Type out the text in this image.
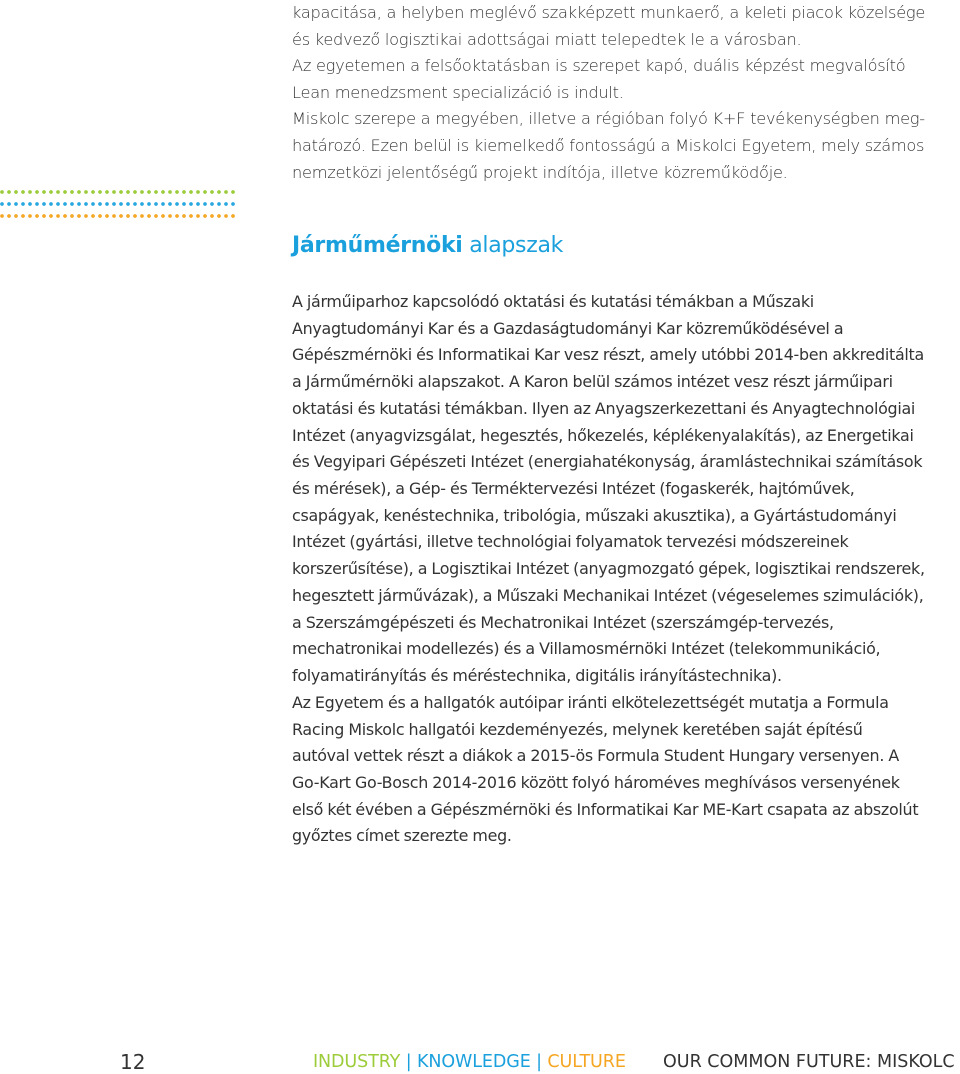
kapacitása, a helyben meglévő szakképzett munkaerő, a keleti piacok közelsége

és kedvező logisztikai adottságai miatt telepedtek le a városban.

Az egyetemen a felsőoktatásban is szerepet kapó, duális képzést megvalósító

Lean menedzsment specializáció is indult.

Miskolc szerepe a megyében, illetve a régióban folyó K+F tevékenységben meg-

határozó. Ezen belül is kiemelkedő fontosságú a Miskolci Egyetem, mely számos

nemzetközi jelentőségű projekt indítója, illetve közreműködője.

Járműmérnöki alapszak

A járműiparhoz kapcsolódó oktatási és kutatási témákban a Műszaki

Anyagtudományi Kar és a Gazdaságtudományi Kar közreműködésével a

Gépészmérnöki és Informatikai Kar vesz részt, amely utóbbi 2014-ben akkreditálta

a Járműmérnöki alapszakot. A Karon belül számos intézet vesz részt járműipari

oktatási és kutatási témákban. Ilyen az Anyagszerkezettani és Anyagtechnológiai

Intézet (anyagvizsgálat, hegesztés, hőkezelés, képlékenyalakítás), az Energetikai

és Vegyipari Gépészeti Intézet (energiahatékonyság, áramlástechnikai számítások

és mérések), a Gép- és Terméktervezési Intézet (fogaskerék, hajtóművek,

csapágyak, kenéstechnika, tribológia, műszaki akusztika), a Gyártástudományi

Intézet (gyártási, illetve technológiai folyamatok tervezési módszereinek

korszerűsítése), a Logisztikai Intézet (anyagmozgató gépek, logisztikai rendszerek,

hegesztett járművázak), a Műszaki Mechanikai Intézet (végeselemes szimulációk),

a Szerszámgépészeti és Mechatronikai Intézet (szerszámgép-tervezés,

mechatronikai modellezés) és a Villamosmérnöki Intézet (telekommunikáció,

folyamatirányítás és méréstechnika, digitális irányítástechnika).

Az Egyetem és a hallgatók autóipar iránti elkötelezettségét mutatja a Formula

Racing Miskolc hallgatói kezdeményezés, melynek keretében saját építésű

autóval vettek részt a diákok a 2015-ös Formula Student Hungary versenyen. A

Go-Kart Go-Bosch 2014-2016 között folyó hároméves meghívásos versenyének

első két évében a Gépészmérnöki és Informatikai Kar ME-Kart csapata az abszolút

győztes címet szerezte meg.

12	INDUSTRY | KNOWLEDGE | CULTURE OUR COMMON FUTURE: MISKOLC
